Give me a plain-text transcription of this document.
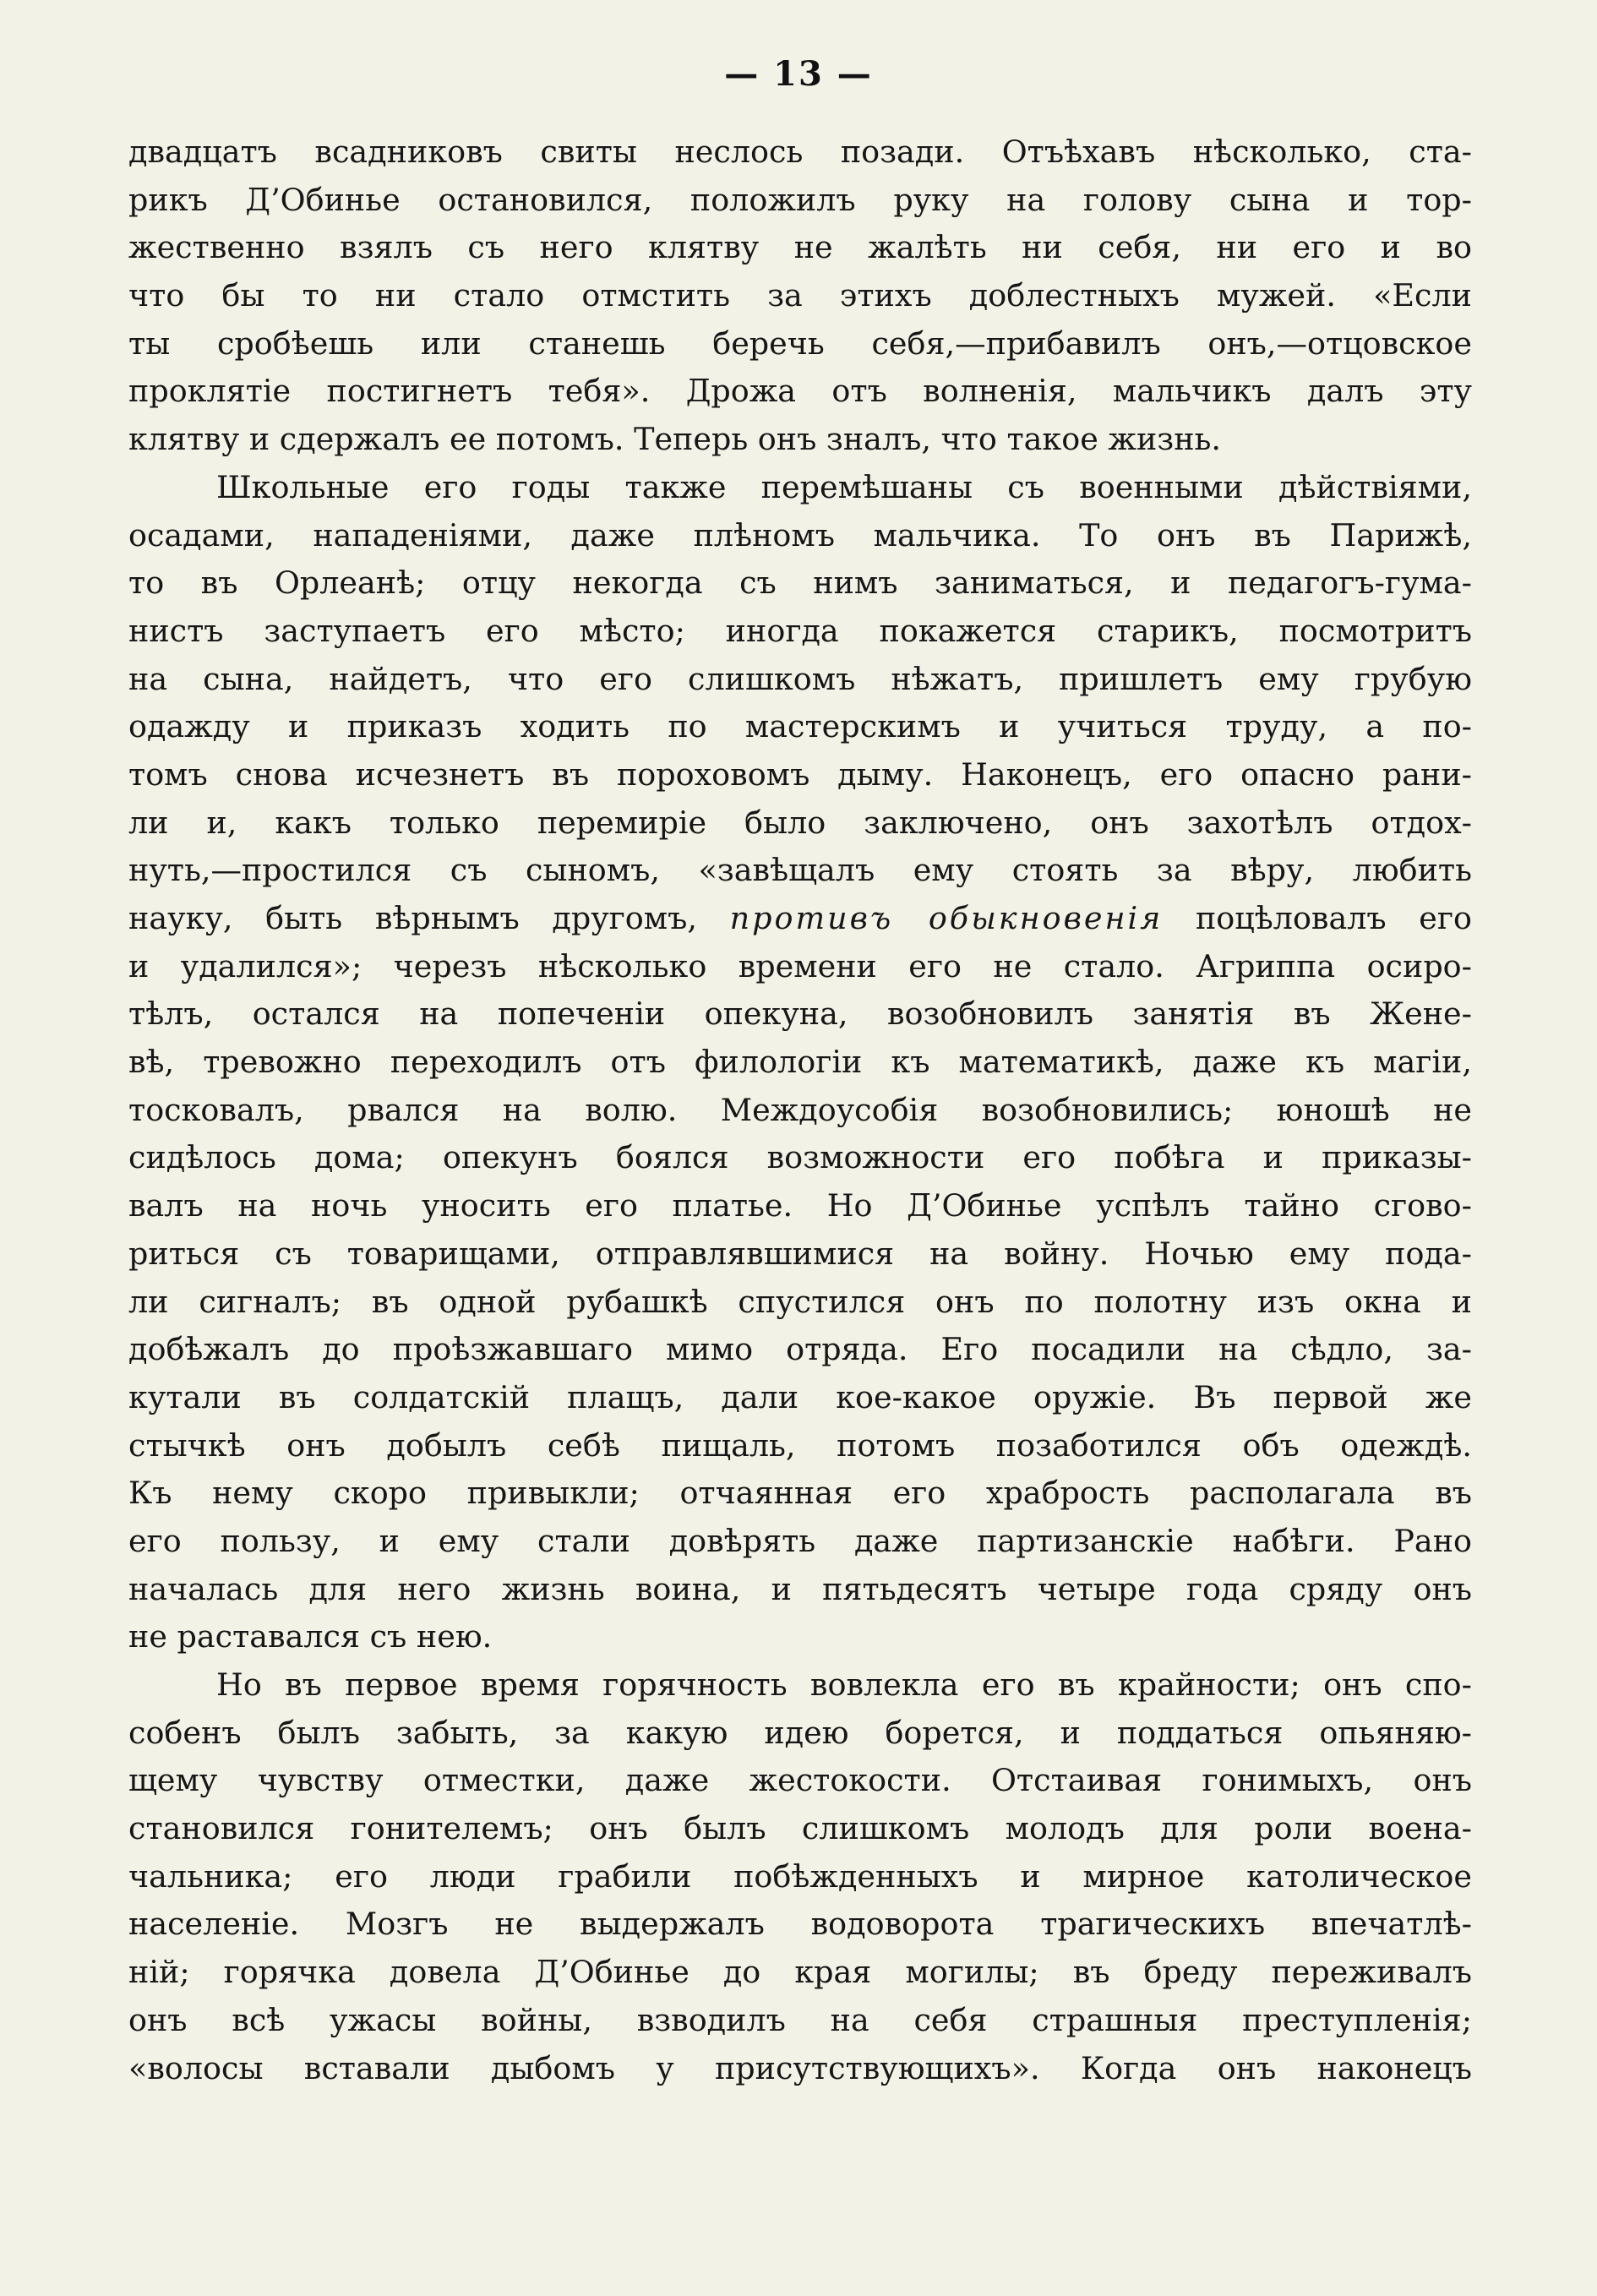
— 13 —
двадцатъ всадниковъ свиты неслось позади. Отъѣхавъ нѣсколько, ста-
рикъ Д’Обинье остановился, положилъ руку на голову сына и тор-
жественно взялъ съ него клятву не жалѣть ни себя, ни его и во
что бы то ни стало отмстить за этихъ доблестныхъ мужей. «Если
ты сробѣешь или станешь беречь себя,—прибавилъ онъ,—отцовское
проклятіе постигнетъ тебя». Дрожа отъ волненія, мальчикъ далъ эту
клятву и сдержалъ ее потомъ. Теперь онъ зналъ, что такое жизнь.
Школьные его годы также перемѣшаны съ военными дѣйствіями,
осадами, нападеніями, даже плѣномъ мальчика. То онъ въ Парижѣ,
то въ Орлеанѣ; отцу некогда съ нимъ заниматься, и педагогъ-гума-
нистъ заступаетъ его мѣсто; иногда покажется старикъ, посмотритъ
на сына, найдетъ, что его слишкомъ нѣжатъ, пришлетъ ему грубую
одажду и приказъ ходить по мастерскимъ и учиться труду, а по-
томъ снова исчезнетъ въ пороховомъ дыму. Наконецъ, его опасно рани-
ли и, какъ только перемиріе было заключено, онъ захотѣлъ отдох-
нуть,—простился съ сыномъ, «завѣщалъ ему стоять за вѣру, любить
науку, быть вѣрнымъ другомъ, противъ обыкновенія поцѣловалъ его
и удалился»; черезъ нѣсколько времени его не стало. Агриппа осиро-
тѣлъ, остался на попеченіи опекуна, возобновилъ занятія въ Жене-
вѣ, тревожно переходилъ отъ филологіи къ математикѣ, даже къ магіи,
тосковалъ, рвался на волю. Междоусобія возобновились; юношѣ не
сидѣлось дома; опекунъ боялся возможности его побѣга и приказы-
валъ на ночь уносить его платье. Но Д’Обинье успѣлъ тайно сгово-
риться съ товарищами, отправлявшимися на войну. Ночью ему пода-
ли сигналъ; въ одной рубашкѣ спустился онъ по полотну изъ окна и
добѣжалъ до проѣзжавшаго мимо отряда. Его посадили на сѣдло, за-
кутали въ солдатскій плащъ, дали кое-какое оружіе. Въ первой же
стычкѣ онъ добылъ себѣ пищаль, потомъ позаботился объ одеждѣ.
Къ нему скоро привыкли; отчаянная его храбрость располагала въ
его пользу, и ему стали довѣрять даже партизанскіе набѣги. Рано
началась для него жизнь воина, и пятьдесятъ четыре года сряду онъ
не раставался съ нею.
Но въ первое время горячность вовлекла его въ крайности; онъ спо-
собенъ былъ забыть, за какую идею борется, и поддаться опьяняю-
щему чувству отместки, даже жестокости. Отстаивая гонимыхъ, онъ
становился гонителемъ; онъ былъ слишкомъ молодъ для роли воена-
чальника; его люди грабили побѣжденныхъ и мирное католическое
населеніе. Мозгъ не выдержалъ водоворота трагическихъ впечатлѣ-
ній; горячка довела Д’Обинье до края могилы; въ бреду переживалъ
онъ всѣ ужасы войны, взводилъ на себя страшныя преступленія;
«волосы вставали дыбомъ у присутствующихъ». Когда онъ наконецъ
